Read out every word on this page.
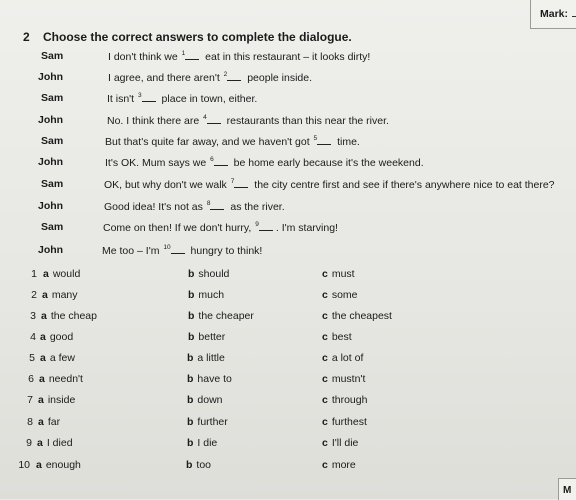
Mark:
2 Choose the correct answers to complete the dialogue.
Sam	I don't think we $^1$ eat in this restaurant – it looks dirty!
John	I agree, and there aren't $^2$ people inside.
Sam	It isn't $^3$ place in town, either.
John	No. I think there are $^4$ restaurants than this near the river.
Sam	But that's quite far away, and we haven't got $^5$ time.
John	It's OK. Mum says we $^6$ be home early because it's the weekend.
Sam	OK, but why don't we walk $^7$ the city centre first and see if there's anywhere nice to eat there?
John	Good idea! It's not as $^8$ as the river.
Sam	Come on then! If we don't hurry, $^9$ . I'm starving!
John	Me too – I'm $^{10}$ hungry to think!
1 a would	b should	c must
2 a many	b much	c some
3 a the cheap	b the cheaper	c the cheapest
4 a good	b better	c best
5 a a few	b a little	c a lot of
6 a needn't	b have to	c mustn't
7 a inside	b down	c through
8 a far	b further	c furthest
9 a I died	b I die	c I'll die
10 a enough	b too	c more
M
